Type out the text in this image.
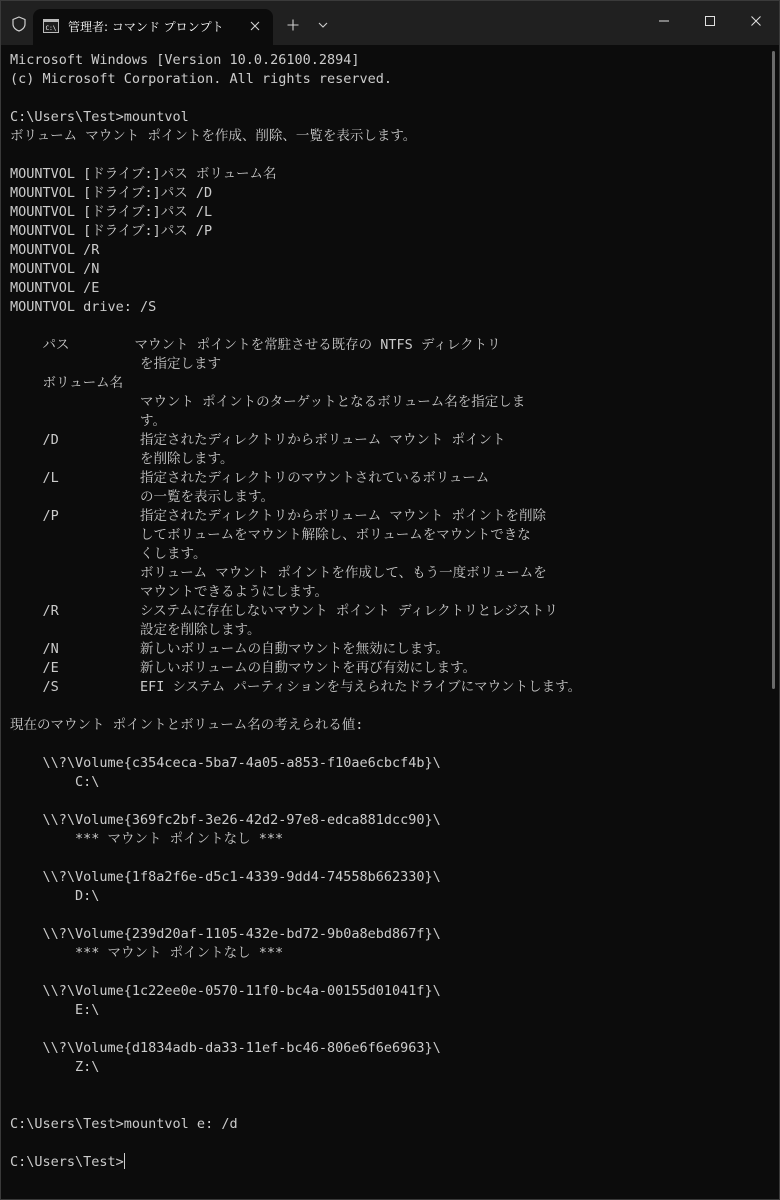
C:\ 管理者: コマンド プロンプト
Microsoft Windows [Version 10.0.26100.2894]
(c) Microsoft Corporation. All rights reserved.
C:\Users\Test>mountvol
ボリューム マウント ポイントを作成、削除、一覧を表示します。
MOUNTVOL [ドライブ:]パス ボリューム名
MOUNTVOL [ドライブ:]パス /D
MOUNTVOL [ドライブ:]パス /L
MOUNTVOL [ドライブ:]パス /P
MOUNTVOL /R
MOUNTVOL /N
MOUNTVOL /E
MOUNTVOL drive: /S
パス        マウント ポイントを常駐させる既存の NTFS ディレクトリ
を指定します
ボリューム名
マウント ポイントのターゲットとなるボリューム名を指定しま
す。
/D          指定されたディレクトリからボリューム マウント ポイント
を削除します。
/L          指定されたディレクトリのマウントされているボリューム
の一覧を表示します。
/P          指定されたディレクトリからボリューム マウント ポイントを削除
してボリュームをマウント解除し、ボリュームをマウントできな
くします。
ボリューム マウント ポイントを作成して、もう一度ボリュームを
マウントできるようにします。
/R          システムに存在しないマウント ポイント ディレクトリとレジストリ
設定を削除します。
/N          新しいボリュームの自動マウントを無効にします。
/E          新しいボリュームの自動マウントを再び有効にします。
/S          EFI システム パーティションを与えられたドライブにマウントします。
現在のマウント ポイントとボリューム名の考えられる値:
\\?\Volume{c354ceca-5ba7-4a05-a853-f10ae6cbcf4b}\
C:\
\\?\Volume{369fc2bf-3e26-42d2-97e8-edca881dcc90}\
*** マウント ポイントなし ***
\\?\Volume{1f8a2f6e-d5c1-4339-9dd4-74558b662330}\
D:\
\\?\Volume{239d20af-1105-432e-bd72-9b0a8ebd867f}\
*** マウント ポイントなし ***
\\?\Volume{1c22ee0e-0570-11f0-bc4a-00155d01041f}\
E:\
\\?\Volume{d1834adb-da33-11ef-bc46-806e6f6e6963}\
Z:\
C:\Users\Test>mountvol e: /d
C:\Users\Test>
